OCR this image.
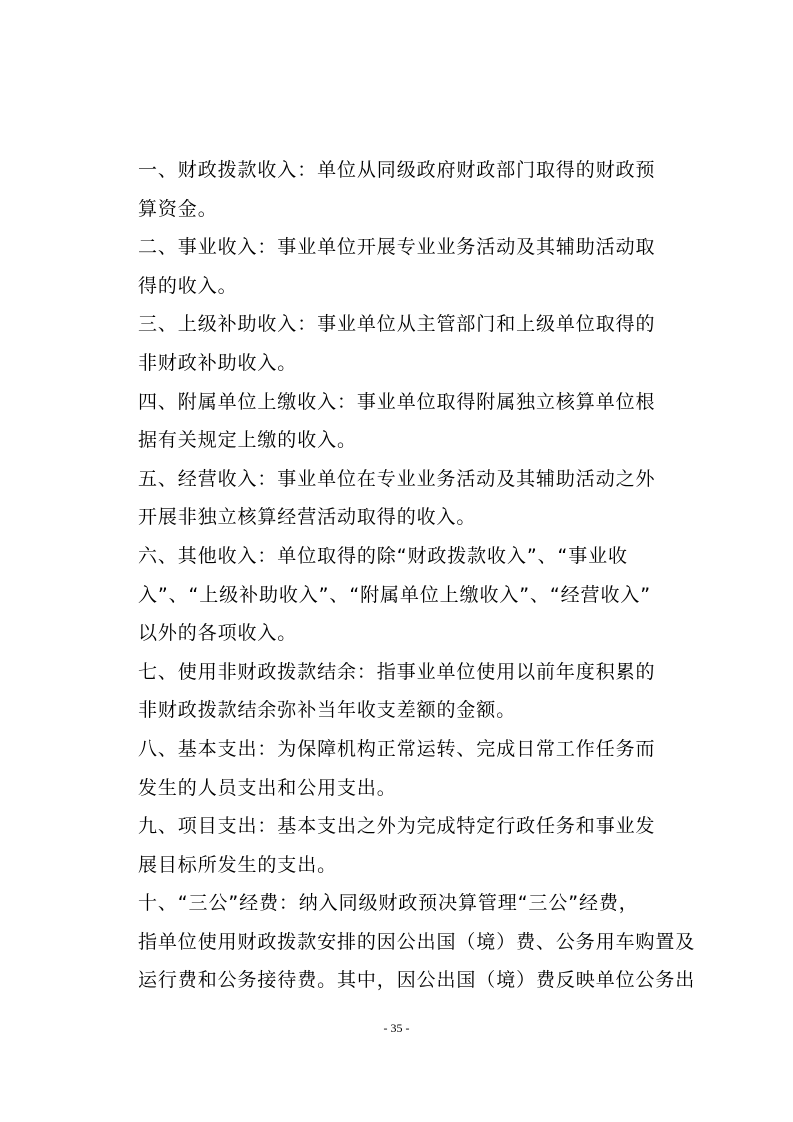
一、财政拨款收入：单位从同级政府财政部门取得的财政预
算资金。

二、事业收入：事业单位开展专业业务活动及其辅助活动取
得的收入。

三、上级补助收入：事业单位从主管部门和上级单位取得的
非财政补助收入。

四、附属单位上缴收入：事业单位取得附属独立核算单位根
据有关规定上缴的收入。

五、经营收入：事业单位在专业业务活动及其辅助活动之外
开展非独立核算经营活动取得的收入。

六、其他收入：单位取得的除“财政拨款收入”、“事业收
入”、“上级补助收入”、“附属单位上缴收入”、“经营收入”
以外的各项收入。

七、使用非财政拨款结余：指事业单位使用以前年度积累的
非财政拨款结余弥补当年收支差额的金额。

八、基本支出：为保障机构正常运转、完成日常工作任务而
发生的人员支出和公用支出。

九、项目支出：基本支出之外为完成特定行政任务和事业发
展目标所发生的支出。

十、“三公”经费：纳入同级财政预决算管理“三公”经费，
指单位使用财政拨款安排的因公出国（境）费、公务用车购置及
运行费和公务接待费。其中，因公出国（境）费反映单位公务出

- 35 -
